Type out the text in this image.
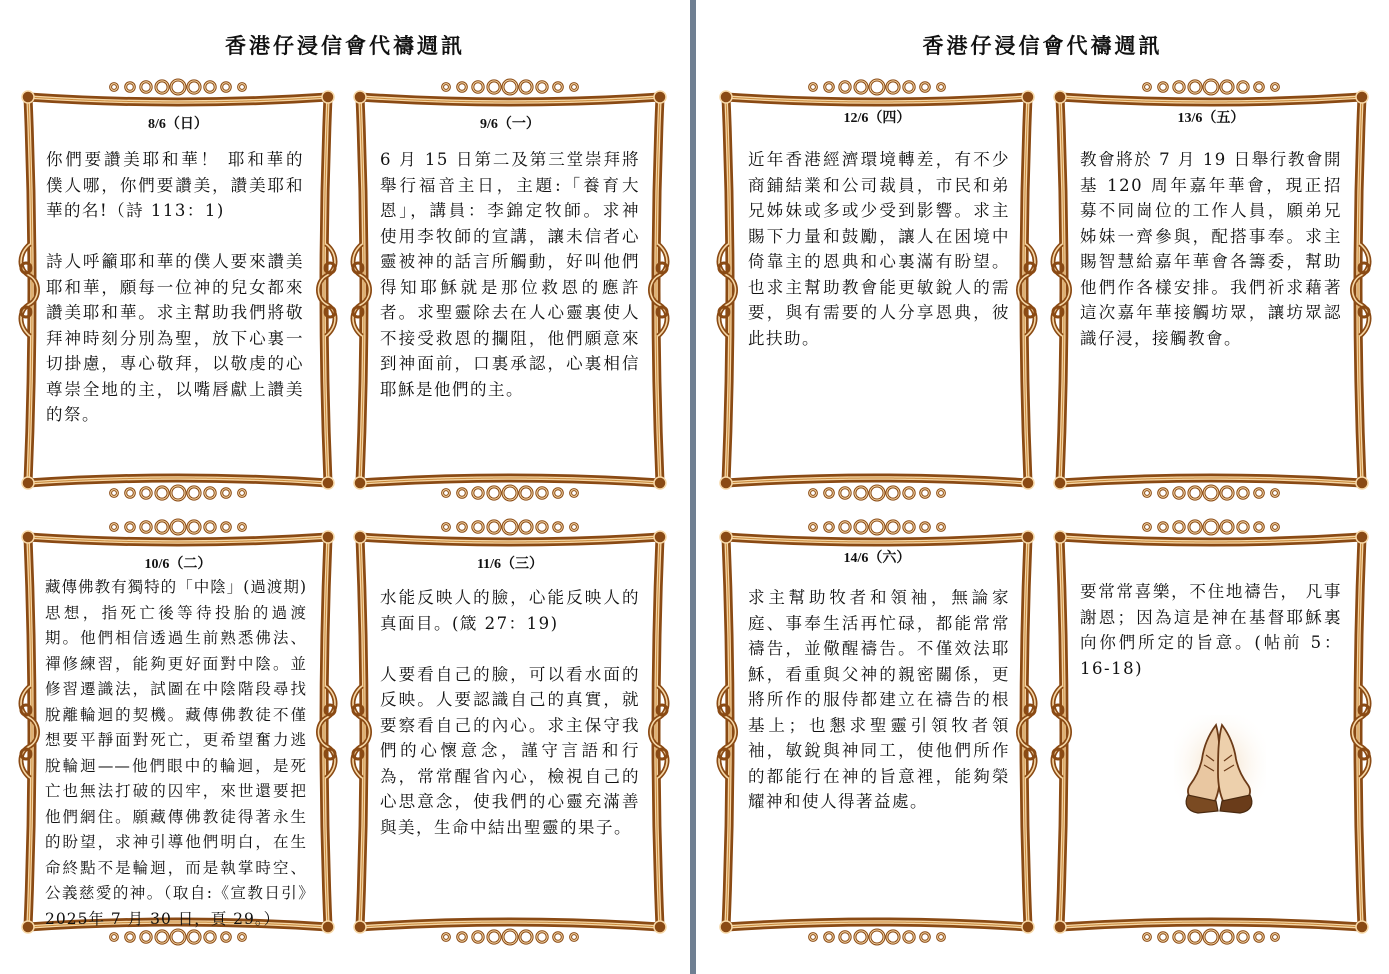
香港仔浸信會代禱週訊
8/6（日）
你們要讚美耶和華！ 耶和華的僕人哪，你們要讚美，讚美耶和華的名!（詩 113：1)

詩人呼籲耶和華的僕人要來讚美耶和華，願每一位神的兒女都來讚美耶和華。求主幫助我們將敬拜神時刻分別為聖，放下心裏一切掛慮，專心敬拜，以敬虔的心尊崇全地的主，以嘴唇獻上讚美的祭。
9/6（一）
6 月 15 日第二及第三堂崇拜將舉行福音主日，主題:「養育大恩」，講員：李錦定牧師。求神使用李牧師的宣講，讓未信者心靈被神的話言所觸動，好叫他們得知耶穌就是那位救恩的應許者。求聖靈除去在人心靈裏使人不接受救恩的攔阻，他們願意來到神面前，口裏承認，心裏相信耶穌是他們的主。
10/6（二）
藏傳佛教有獨特的「中陰」(過渡期)思想，指死亡後等待投胎的過渡期。他們相信透過生前熟悉佛法、禪修練習，能夠更好面對中陰。並修習遷識法，試圖在中陰階段尋找脫離輪迴的契機。藏傳佛教徒不僅想要平靜面對死亡，更希望奮力逃脫輪迴——他們眼中的輪迴，是死亡也無法打破的囚牢，來世還要把他們網住。願藏傳佛教徒得著永生的盼望，求神引導他們明白，在生命終點不是輪迴，而是執掌時空、公義慈愛的神。（取自:《宣教日引》2025年 7 月 30 日，頁 29。）
11/6（三）
水能反映人的臉，心能反映人的真面目。(箴 27：19)

人要看自己的臉，可以看水面的反映。人要認識自己的真實，就要察看自己的內心。求主保守我們的心懷意念，謹守言語和行為，常常醒省內心，檢視自己的心思意念，使我們的心靈充滿善與美，生命中結出聖靈的果子。
香港仔浸信會代禱週訊
12/6（四）
近年香港經濟環境轉差，有不少商鋪結業和公司裁員，市民和弟兄姊妹或多或少受到影響。求主賜下力量和鼓勵，讓人在困境中倚靠主的恩典和心裏滿有盼望。也求主幫助教會能更敏銳人的需要，與有需要的人分享恩典，彼此扶助。
13/6（五）
教會將於 7 月 19 日舉行教會開基 120 周年嘉年華會，現正招募不同崗位的工作人員，願弟兄姊妹一齊參與，配搭事奉。求主賜智慧給嘉年華會各籌委，幫助他們作各樣安排。我們祈求藉著這次嘉年華接觸坊眾，讓坊眾認識仔浸，接觸教會。
14/6（六）
求主幫助牧者和領袖，無論家庭、事奉生活再忙碌，都能常常禱告，並儆醒禱告。不僅效法耶穌，看重與父神的親密關係，更將所作的服侍都建立在禱告的根基上；也懇求聖靈引領牧者領袖，敏銳與神同工，使他們所作的都能行在神的旨意裡，能夠榮耀神和使人得著益處。
要常常喜樂，不住地禱告， 凡事謝恩；因為這是神在基督耶穌裏向你們所定的旨意。(帖前 5：16-18)
